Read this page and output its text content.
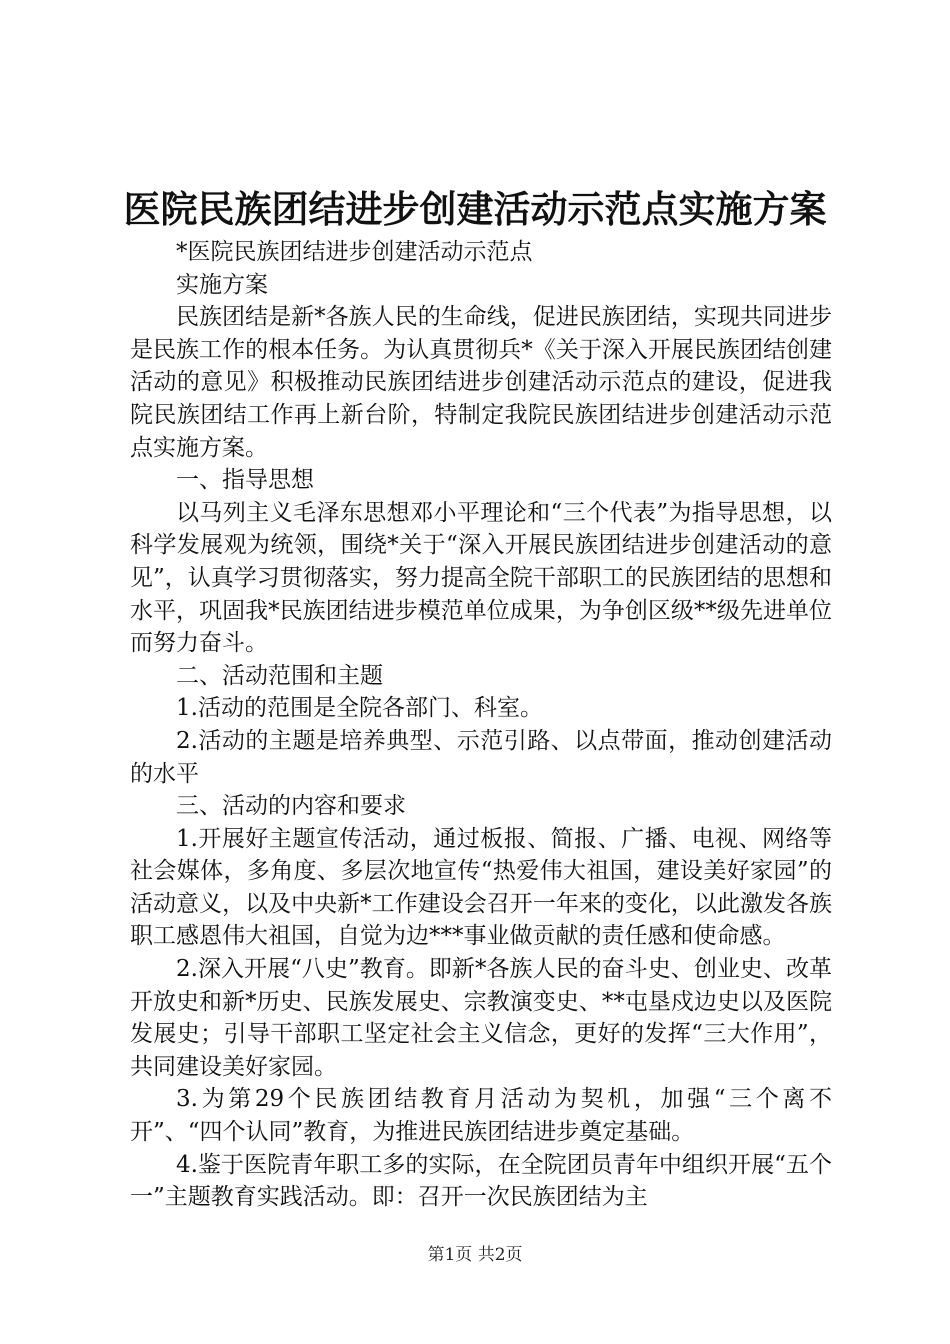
医院民族团结进步创建活动示范点实施方案

*医院民族团结进步创建活动示范点

实施方案

民族团结是新*各族人民的生命线，促进民族团结，实现共同进步是民族工作的根本任务。为认真贯彻兵*《关于深入开展民族团结创建活动的意见》积极推动民族团结进步创建活动示范点的建设，促进我院民族团结工作再上新台阶，特制定我院民族团结进步创建活动示范点实施方案。

一、指导思想

以马列主义毛泽东思想邓小平理论和“三个代表”为指导思想，以科学发展观为统领，围绕*关于“深入开展民族团结进步创建活动的意见”，认真学习贯彻落实，努力提高全院干部职工的民族团结的思想和水平，巩固我*民族团结进步模范单位成果，为争创区级**级先进单位而努力奋斗。

二、活动范围和主题

1.活动的范围是全院各部门、科室。

2.活动的主题是培养典型、示范引路、以点带面，推动创建活动的水平

三、活动的内容和要求

1.开展好主题宣传活动，通过板报、简报、广播、电视、网络等社会媒体，多角度、多层次地宣传“热爱伟大祖国，建设美好家园”的活动意义，以及中央新*工作建设会召开一年来的变化，以此激发各族职工感恩伟大祖国，自觉为边***事业做贡献的责任感和使命感。

2.深入开展“八史”教育。即新*各族人民的奋斗史、创业史、改革开放史和新*历史、民族发展史、宗教演变史、**屯垦戍边史以及医院发展史；引导干部职工坚定社会主义信念，更好的发挥“三大作用”，共同建设美好家园。

3.为第29个民族团结教育月活动为契机，加强“三个离不开”、“四个认同”教育，为推进民族团结进步奠定基础。

4.鉴于医院青年职工多的实际，在全院团员青年中组织开展“五个一”主题教育实践活动。即：召开一次民族团结为主

第1页 共2页
